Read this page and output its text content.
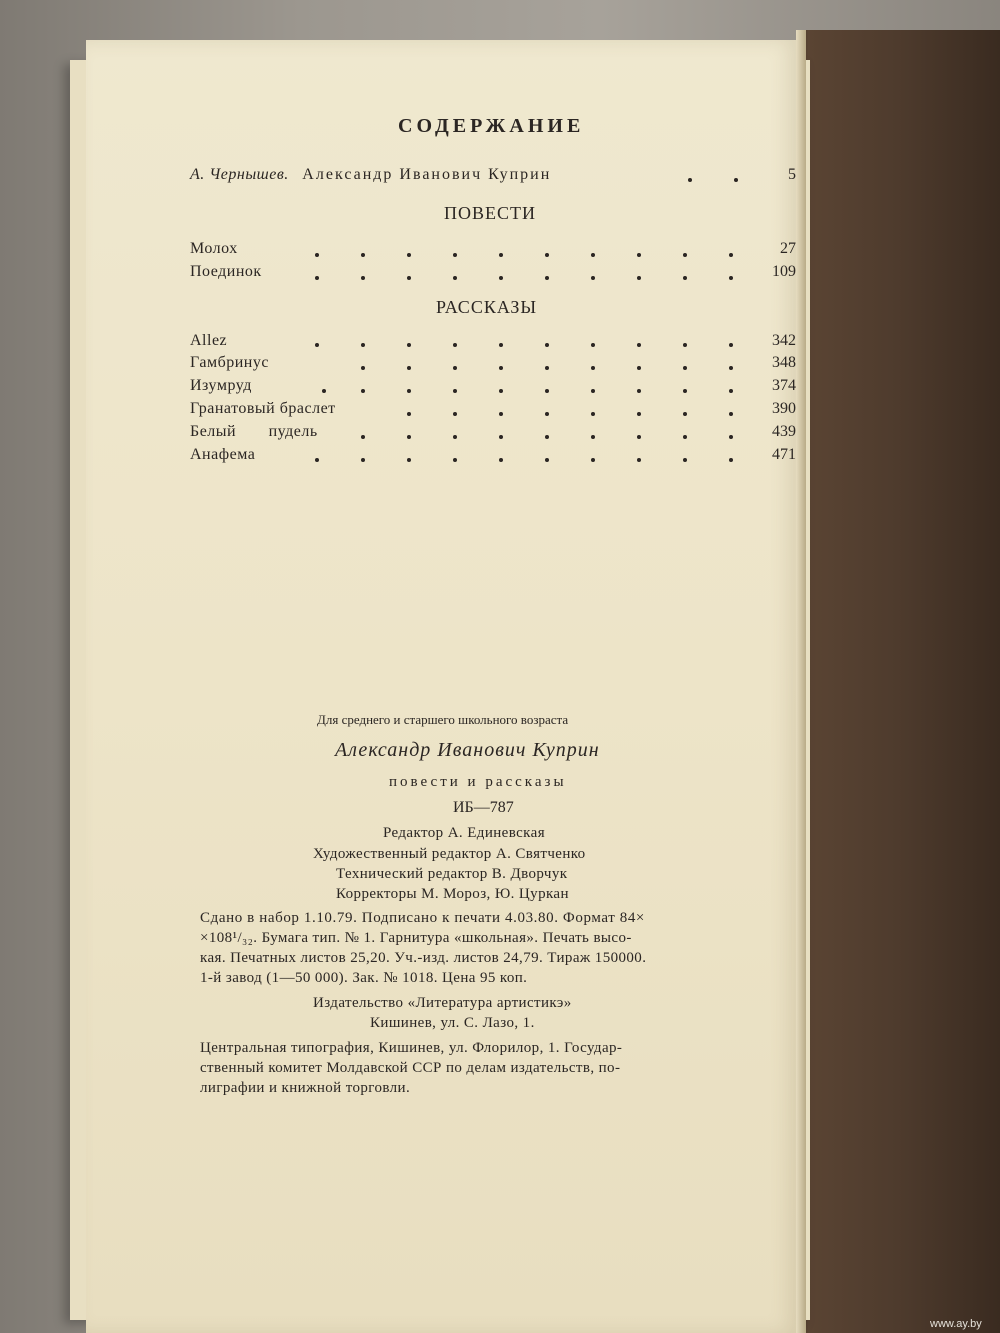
СОДЕРЖАНИЕ
А. Чернышев. Александр Иванович Куприн	5
ПОВЕСТИ
Молох	27
Поединок	109
РАССКАЗЫ
Allez	342
Гамбринус	348
Изумруд	374
Гранатовый браслет	390
Белый пудель	439
Анафема	471
Для среднего и старшего школьного возраста
Александр Иванович Куприн
повести и рассказы
ИБ—787
Редактор А. Единевская
Художественный редактор А. Святченко
Технический редактор В. Дворчук
Корректоры М. Мороз, Ю. Цуркан
Сдано в набор 1.10.79. Подписано к печати 4.03.80. Формат 84×
×108¹/₃₂. Бумага тип. № 1. Гарнитура «школьная». Печать высо-
кая. Печатных листов 25,20. Уч.-изд. листов 24,79. Тираж 150000.
1-й завод (1—50 000). Зак. № 1018. Цена 95 коп.
Издательство «Литература артистикэ»
Кишинев, ул. С. Лазо, 1.
Центральная типография, Кишинев, ул. Флорилор, 1. Государ-
ственный комитет Молдавской ССР по делам издательств, по-
лиграфии и книжной торговли.
www.ay.by
